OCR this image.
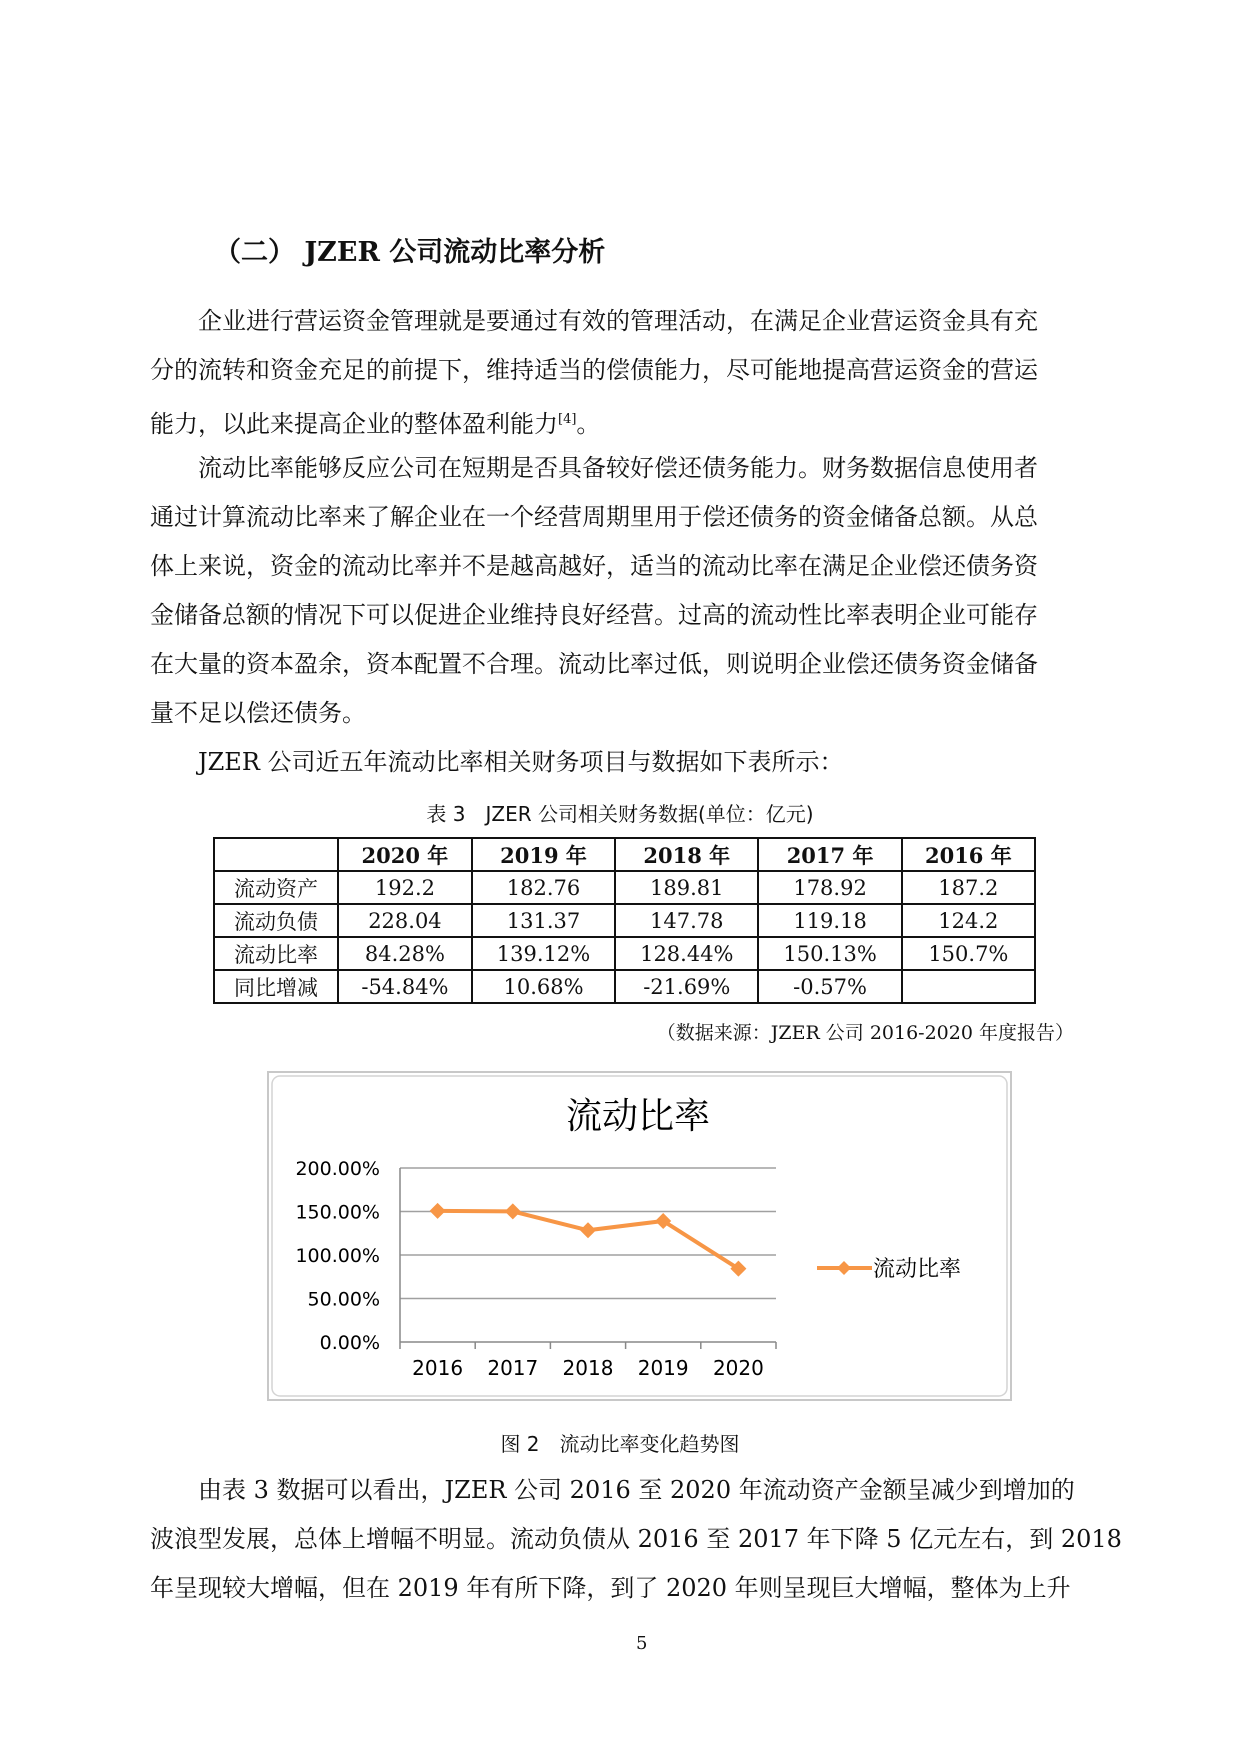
（二） JZER 公司流动比率分析
　　企业进行营运资金管理就是要通过有效的管理活动，在满足企业营运资金具有充
分的流转和资金充足的前提下，维持适当的偿债能力，尽可能地提高营运资金的营运
能力，以此来提高企业的整体盈利能力[4]。
　　流动比率能够反应公司在短期是否具备较好偿还债务能力。财务数据信息使用者
通过计算流动比率来了解企业在一个经营周期里用于偿还债务的资金储备总额。从总
体上来说，资金的流动比率并不是越高越好，适当的流动比率在满足企业偿还债务资
金储备总额的情况下可以促进企业维持良好经营。过高的流动性比率表明企业可能存
在大量的资本盈余，资本配置不合理。流动比率过低，则说明企业偿还债务资金储备
量不足以偿还债务。
　　JZER 公司近五年流动比率相关财务项目与数据如下表所示：
表 3　JZER 公司相关财务数据(单位：亿元)
	2020 年	2019 年	2018 年	2017 年	2016 年
流动资产	192.2	182.76	189.81	178.92	187.2
流动负债	228.04	131.37	147.78	119.18	124.2
流动比率	84.28%	139.12%	128.44%	150.13%	150.7%
同比增减	-54.84%	10.68%	-21.69%	-0.57%	
（数据来源：JZER 公司 2016-2020 年度报告）
流动比率
0.00%
50.00%
100.00%
150.00%
200.00%
2016 2017 2018 2019 2020
流动比率
图 2　流动比率变化趋势图
　　由表 3 数据可以看出，JZER 公司 2016 至 2020 年流动资产金额呈减少到增加的
波浪型发展，总体上增幅不明显。流动负债从 2016 至 2017 年下降 5 亿元左右，到 2018
年呈现较大增幅，但在 2019 年有所下降，到了 2020 年则呈现巨大增幅，整体为上升
5
